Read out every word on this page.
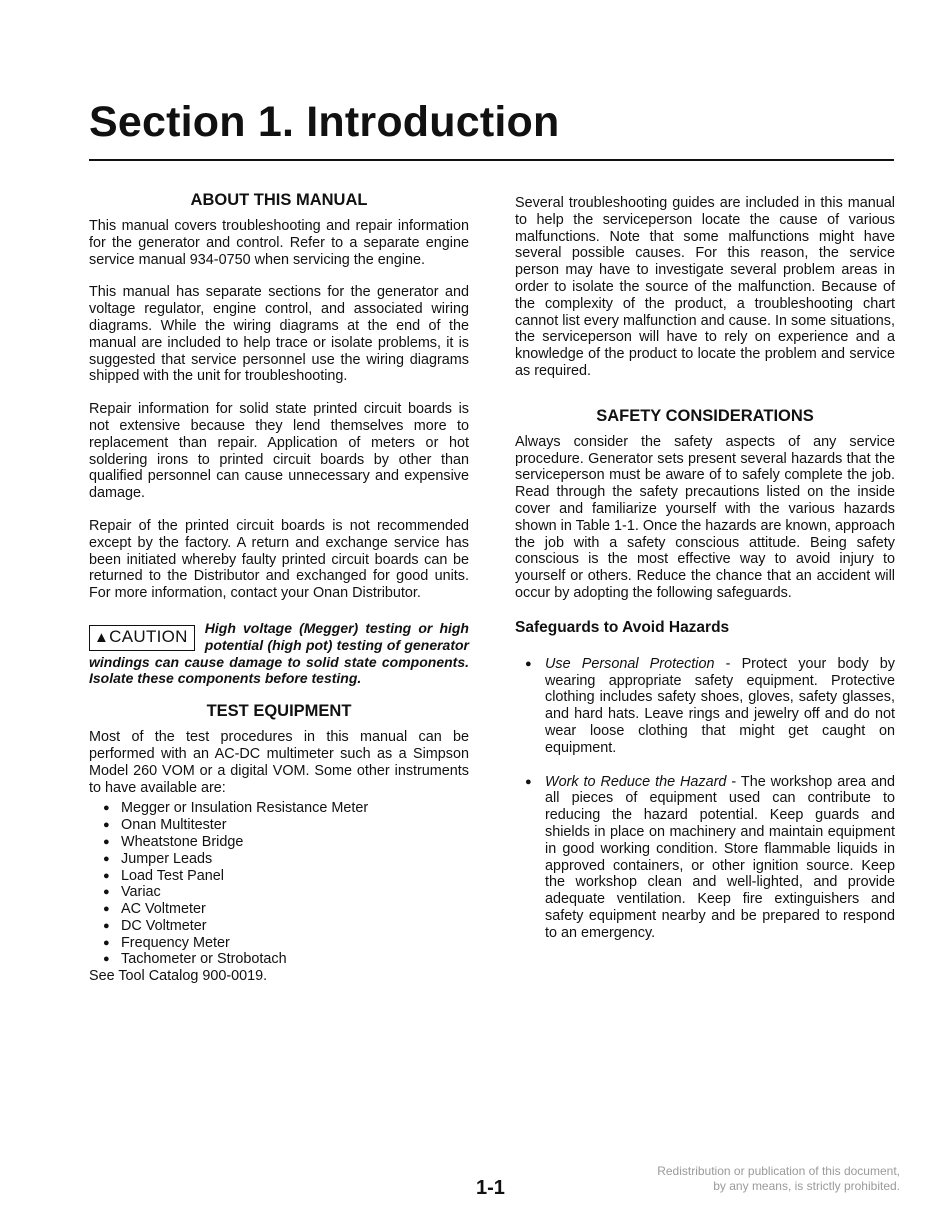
Section 1. Introduction
ABOUT THIS MANUAL

This manual covers troubleshooting and repair information for the generator and control. Refer to a separate engine service manual 934-0750 when servicing the engine.

This manual has separate sections for the generator and voltage regulator, engine control, and associated wiring diagrams. While the wiring diagrams at the end of the manual are included to help trace or isolate problems, it is suggested that service personnel use the wiring diagrams shipped with the unit for troubleshooting.

Repair information for solid state printed circuit boards is not extensive because they lend themselves more to replacement than repair. Application of meters or hot soldering irons to printed circuit boards by other than qualified personnel can cause unnecessary and expensive damage.

Repair of the printed circuit boards is not recommended except by the factory. A return and exchange service has been initiated whereby faulty printed circuit boards can be returned to the Distributor and exchanged for good units. For more information, contact your Onan Distributor.

▲CAUTION	High voltage (Megger) testing or high potential (high pot) testing of generator windings can cause damage to solid state components. Isolate these components before testing.
TEST EQUIPMENT

Most of the test procedures in this manual can be performed with an AC-DC multimeter such as a Simpson Model 260 VOM or a digital VOM. Some other instruments to have available are:

● Megger or Insulation Resistance Meter
● Onan Multitester
● Wheatstone Bridge
● Jumper Leads
● Load Test Panel
● Variac
● AC Voltmeter
● DC Voltmeter
● Frequency Meter
● Tachometer or Strobotach

See Tool Catalog 900-0019.

Several troubleshooting guides are included in this manual to help the serviceperson locate the cause of various malfunctions. Note that some malfunctions might have several possible causes. For this reason, the service person may have to investigate several problem areas in order to isolate the source of the malfunction. Because of the complexity of the product, a troubleshooting chart cannot list every malfunction and cause. In some situations, the serviceperson will have to rely on experience and a knowledge of the product to locate the problem and service as required.

SAFETY CONSIDERATIONS

Always consider the safety aspects of any service procedure. Generator sets present several hazards that the serviceperson must be aware of to safely complete the job. Read through the safety precautions listed on the inside cover and familiarize yourself with the various hazards shown in Table 1-1. Once the hazards are known, approach the job with a safety conscious attitude. Being safety conscious is the most effective way to avoid injury to yourself or others. Reduce the chance that an accident will occur by adopting the following safeguards.

Safeguards to Avoid Hazards
● Use Personal Protection - Protect your body by wearing appropriate safety equipment. Protective clothing includes safety shoes, gloves, safety glasses, and hard hats. Leave rings and jewelry off and do not wear loose clothing that might get caught on equipment.
● Work to Reduce the Hazard - The workshop area and all pieces of equipment used can contribute to reducing the hazard potential. Keep guards and shields in place on machinery and maintain equipment in good working condition. Store flammable liquids in approved containers, or other ignition source. Keep the workshop clean and well-lighted, and provide adequate ventilation. Keep fire extinguishers and safety equipment nearby and be prepared to respond to an emergency.
1-1
Redistribution or publication of this document,
by any means, is strictly prohibited.
